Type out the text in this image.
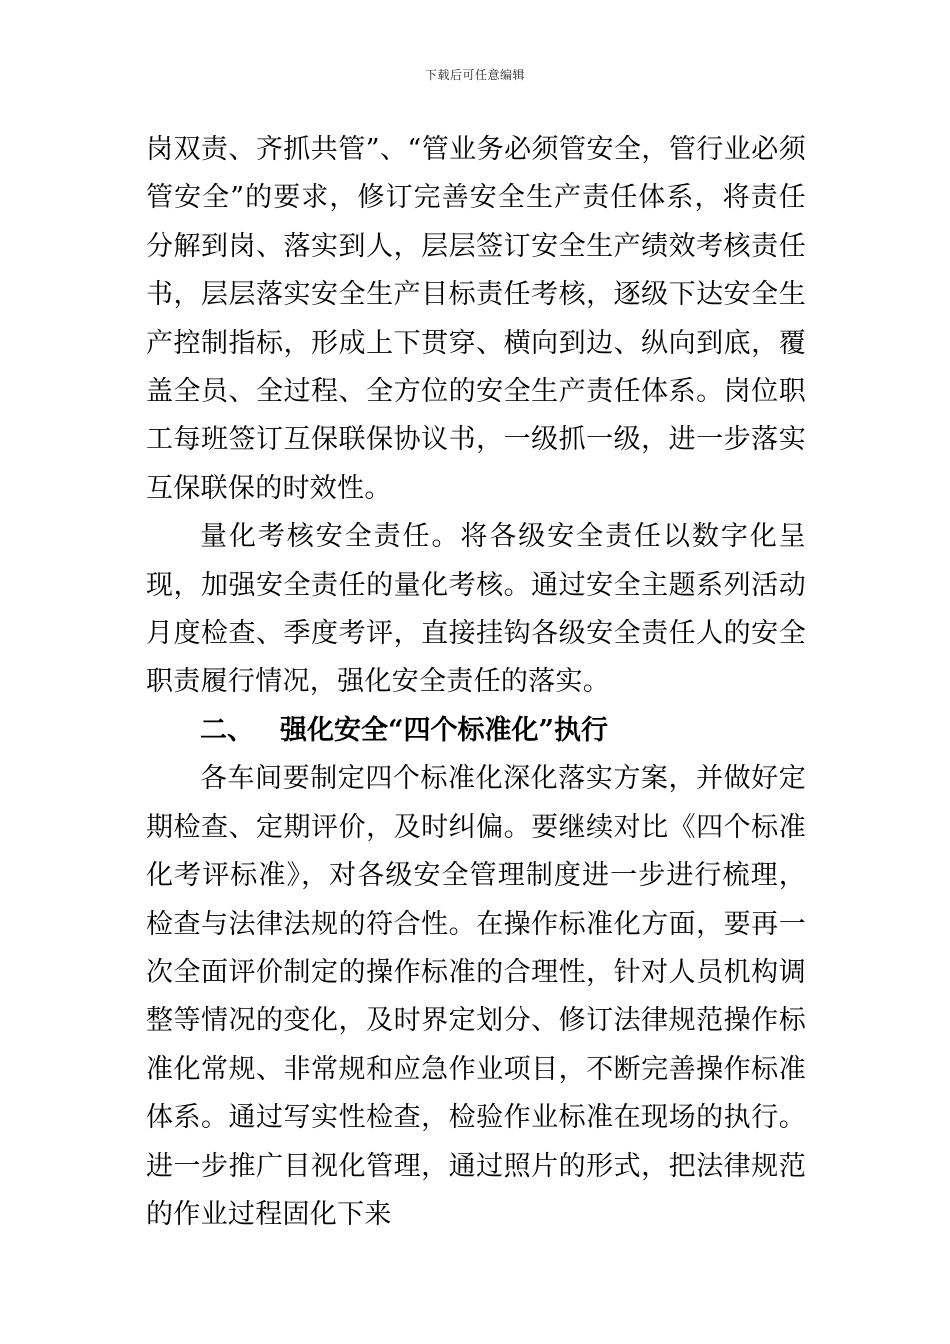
下载后可任意编辑

岗双责、齐抓共管”、“管业务必须管安全，管行业必须管安全”的要求，修订完善安全生产责任体系，将责任分解到岗、落实到人，层层签订安全生产绩效考核责任书，层层落实安全生产目标责任考核，逐级下达安全生产控制指标，形成上下贯穿、横向到边、纵向到底，覆盖全员、全过程、全方位的安全生产责任体系。岗位职工每班签订互保联保协议书，一级抓一级，进一步落实互保联保的时效性。

量化考核安全责任。将各级安全责任以数字化呈现，加强安全责任的量化考核。通过安全主题系列活动月度检查、季度考评，直接挂钩各级安全责任人的安全职责履行情况，强化安全责任的落实。

二、 强化安全“四个标准化”执行

各车间要制定四个标准化深化落实方案，并做好定期检查、定期评价，及时纠偏。要继续对比《四个标准化考评标准》，对各级安全管理制度进一步进行梳理，检查与法律法规的符合性。在操作标准化方面，要再一次全面评价制定的操作标准的合理性，针对人员机构调整等情况的变化，及时界定划分、修订法律规范操作标准化常规、非常规和应急作业项目，不断完善操作标准体系。通过写实性检查，检验作业标准在现场的执行。进一步推广目视化管理，通过照片的形式，把法律规范的作业过程固化下来
